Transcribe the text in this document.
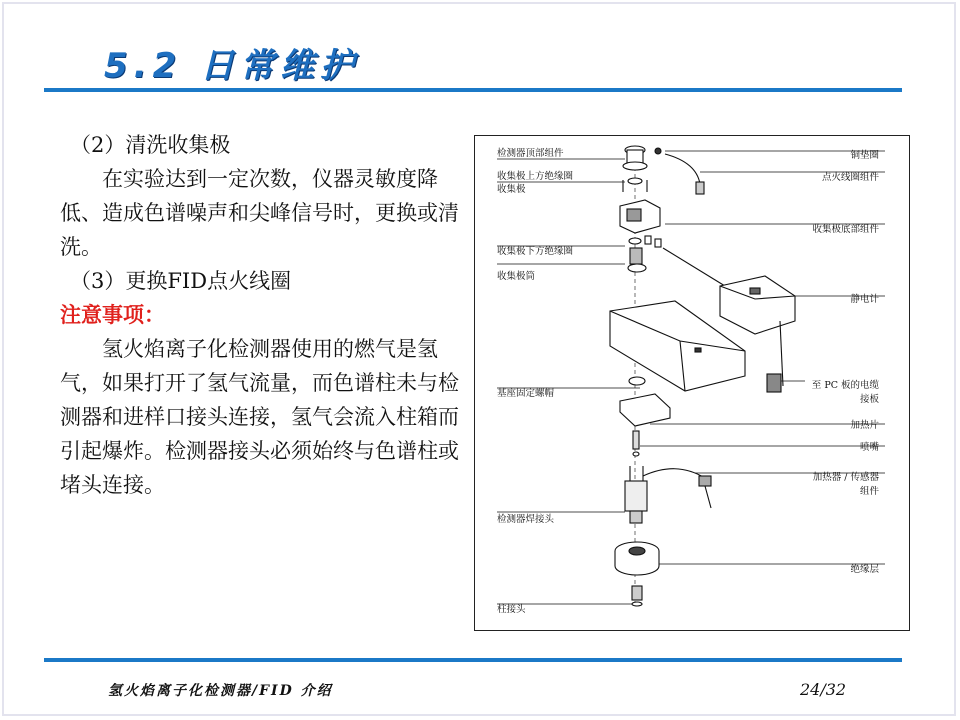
5.2 日常维护

（2）清洗收集极

在实验达到一定次数，仪器灵敏度降低、造成色谱噪声和尖峰信号时，更换或清洗。

（3）更换FID点火线圈

注意事项：

氢火焰离子化检测器使用的燃气是氢气，如果打开了氢气流量，而色谱柱未与检测器和进样口接头连接，氢气会流入柱箱而引起爆炸。检测器接头必须始终与色谱柱或堵头连接。

检测器顶部组件
收集极上方绝缘圈
收集极
收集极下方绝缘圈
收集极筒
基座固定螺帽
检测器焊接头
柱接头
铜垫圈
点火线圈组件
收集极底部组件
静电计
至 PC 板的电缆
接板
加热片
喷嘴
加热器 / 传感器
组件
绝缘层
氢火焰离子化检测器/FID 介绍	24/32
